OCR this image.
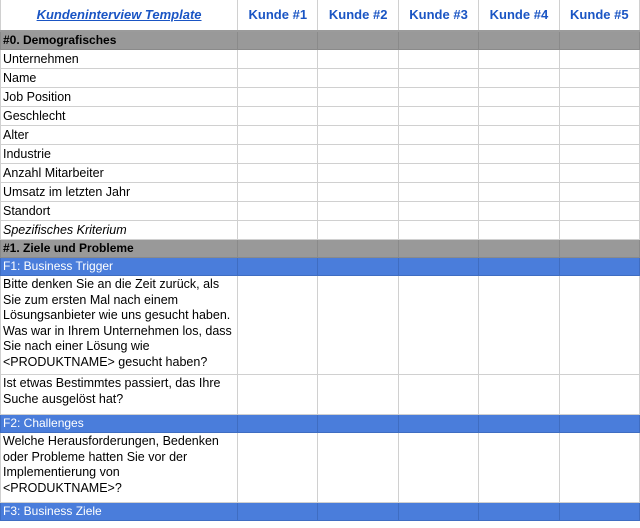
Kundeninterview Template	Kunde #1	Kunde #2	Kunde #3	Kunde #4	Kunde #5
#0. Demografisches					
Unternehmen					
Name					
Job Position					
Geschlecht					
Alter					
Industrie					
Anzahl Mitarbeiter					
Umsatz im letzten Jahr					
Standort					
Spezifisches Kriterium					
#1. Ziele und Probleme					
F1: Business Trigger					
Bitte denken Sie an die Zeit zurück, als Sie zum ersten Mal nach einem Lösungsanbieter wie uns gesucht haben. Was war in Ihrem Unternehmen los, dass Sie nach einer Lösung wie <PRODUKTNAME> gesucht haben?					
Ist etwas Bestimmtes passiert, das Ihre Suche ausgelöst hat?					
F2: Challenges					
Welche Herausforderungen, Bedenken oder Probleme hatten Sie vor der Implementierung von <PRODUKTNAME>?					
F3: Business Ziele					
